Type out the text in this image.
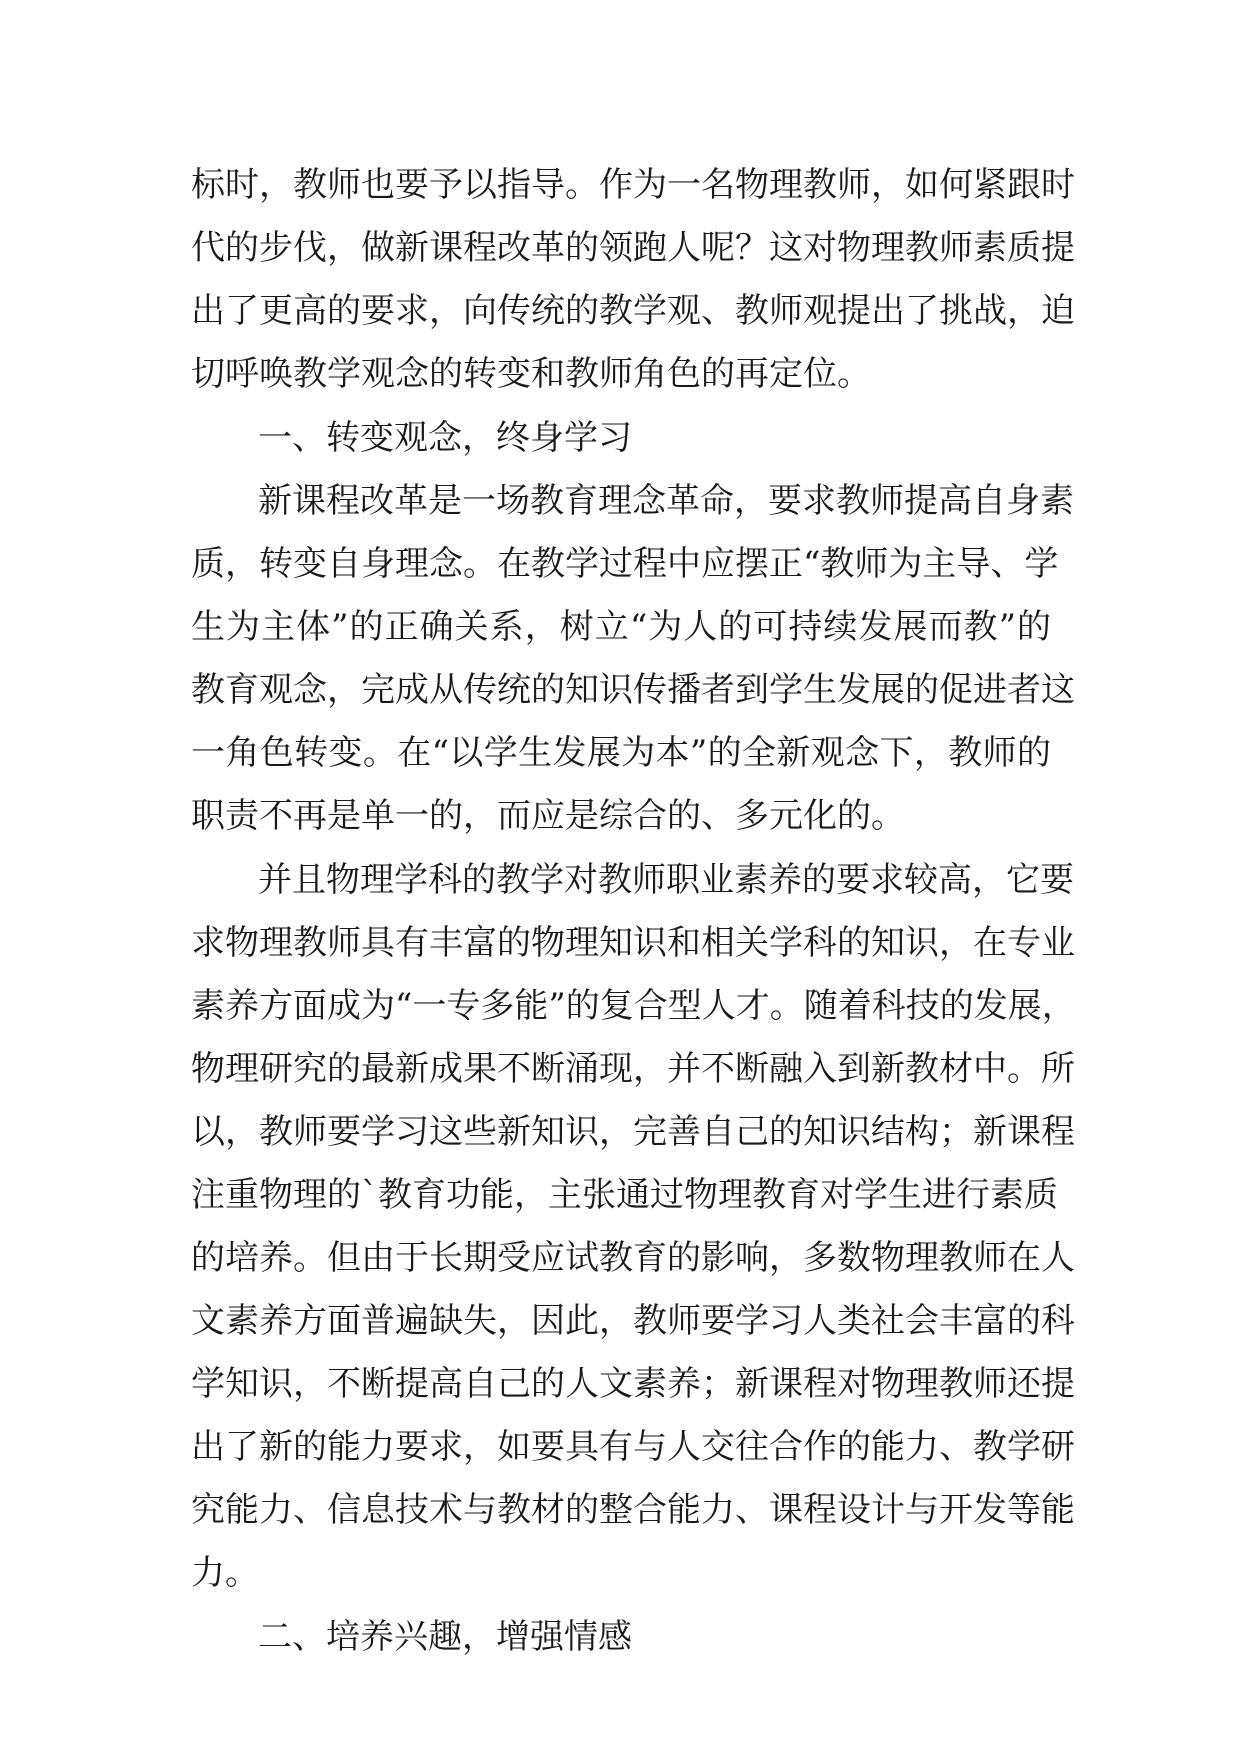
标时，教师也要予以指导。作为一名物理教师，如何紧跟时
代的步伐，做新课程改革的领跑人呢？这对物理教师素质提
出了更高的要求，向传统的教学观、教师观提出了挑战，迫
切呼唤教学观念的转变和教师角色的再定位。
一、转变观念，终身学习
新课程改革是一场教育理念革命，要求教师提高自身素
质，转变自身理念。在教学过程中应摆正“教师为主导、学
生为主体”的正确关系，树立“为人的可持续发展而教”的
教育观念，完成从传统的知识传播者到学生发展的促进者这
一角色转变。在“以学生发展为本”的全新观念下，教师的
职责不再是单一的，而应是综合的、多元化的。
并且物理学科的教学对教师职业素养的要求较高，它要
求物理教师具有丰富的物理知识和相关学科的知识，在专业
素养方面成为“一专多能”的复合型人才。随着科技的发展，
物理研究的最新成果不断涌现，并不断融入到新教材中。所
以，教师要学习这些新知识，完善自己的知识结构；新课程
注重物理的`教育功能，主张通过物理教育对学生进行素质
的培养。但由于长期受应试教育的影响，多数物理教师在人
文素养方面普遍缺失，因此，教师要学习人类社会丰富的科
学知识，不断提高自己的人文素养；新课程对物理教师还提
出了新的能力要求，如要具有与人交往合作的能力、教学研
究能力、信息技术与教材的整合能力、课程设计与开发等能
力。
二、培养兴趣，增强情感
